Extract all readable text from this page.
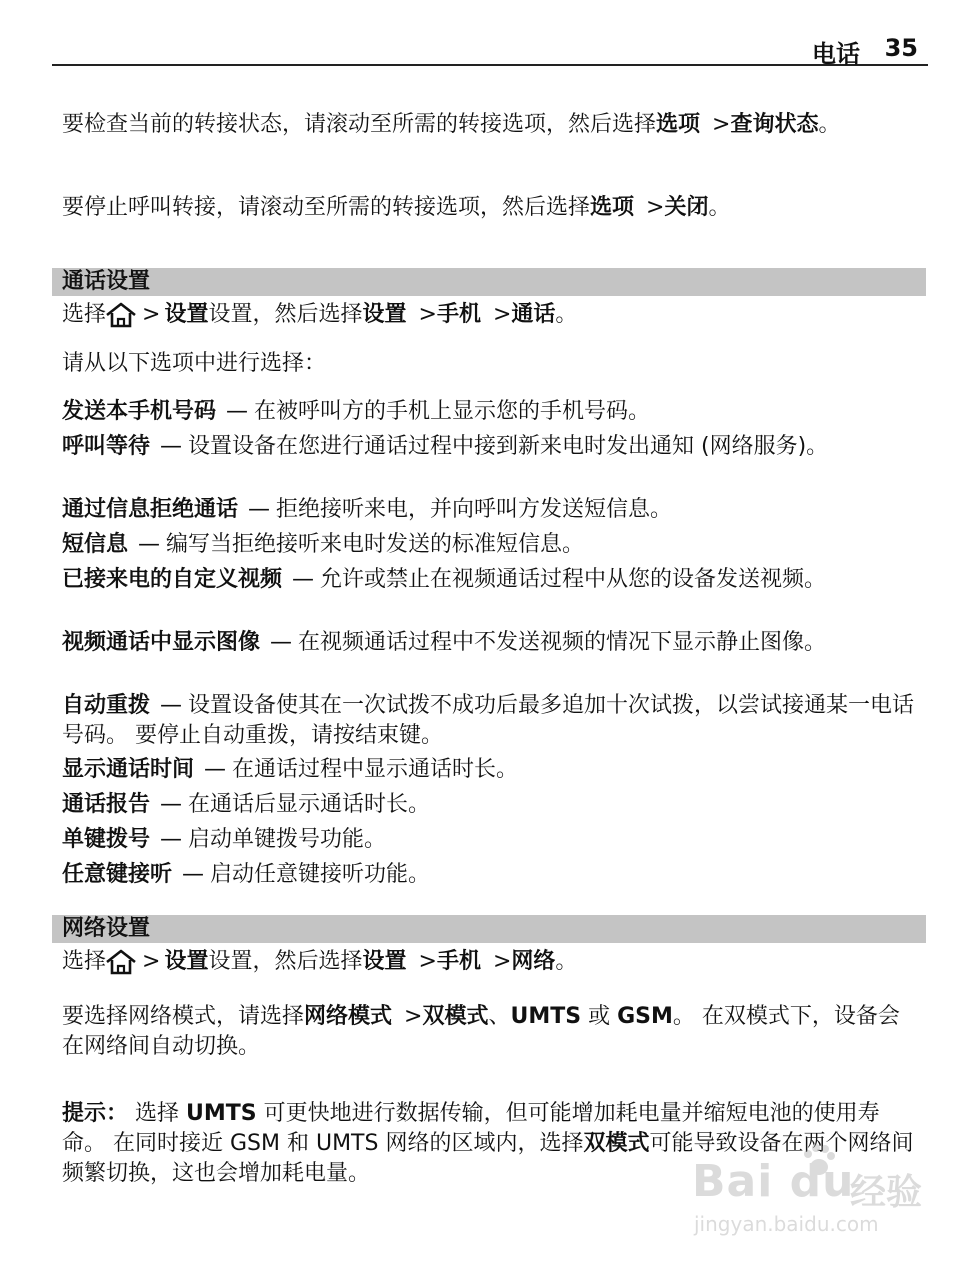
电话 35

要检查当前的转接状态，请滚动至所需的转接选项，然后选择选项 >查询状态。

要停止呼叫转接，请滚动至所需的转接选项，然后选择选项 >关闭。

通话设置

选择 > 设置设置，然后选择设置 >手机 >通话。

请从以下选项中进行选择：

发送本手机号码 — 在被呼叫方的手机上显示您的手机号码。

呼叫等待 — 设置设备在您进行通话过程中接到新来电时发出通知 (网络服务)。

通过信息拒绝通话 — 拒绝接听来电，并向呼叫方发送短信息。

短信息 — 编写当拒绝接听来电时发送的标准短信息。

已接来电的自定义视频 — 允许或禁止在视频通话过程中从您的设备发送视频。

视频通话中显示图像 — 在视频通话过程中不发送视频的情况下显示静止图像。

自动重拨 — 设置设备使其在一次试拨不成功后最多追加十次试拨，以尝试接通某一电话号码。 要停止自动重拨，请按结束键。

显示通话时间 — 在通话过程中显示通话时长。

通话报告 — 在通话后显示通话时长。

单键拨号 — 启动单键拨号功能。

任意键接听 — 启动任意键接听功能。

网络设置

选择 > 设置设置，然后选择设置 >手机 >网络。

要选择网络模式，请选择网络模式 >双模式、UMTS 或 GSM。 在双模式下，设备会在网络间自动切换。

提示： 选择 UMTS 可更快地进行数据传输，但可能增加耗电量并缩短电池的使用寿命。 在同时接近 GSM 和 UMTS 网络的区域内，选择双模式可能导致设备在两个网络间频繁切换，这也会增加耗电量。	Bai du
经验
jingyan.baidu.com
